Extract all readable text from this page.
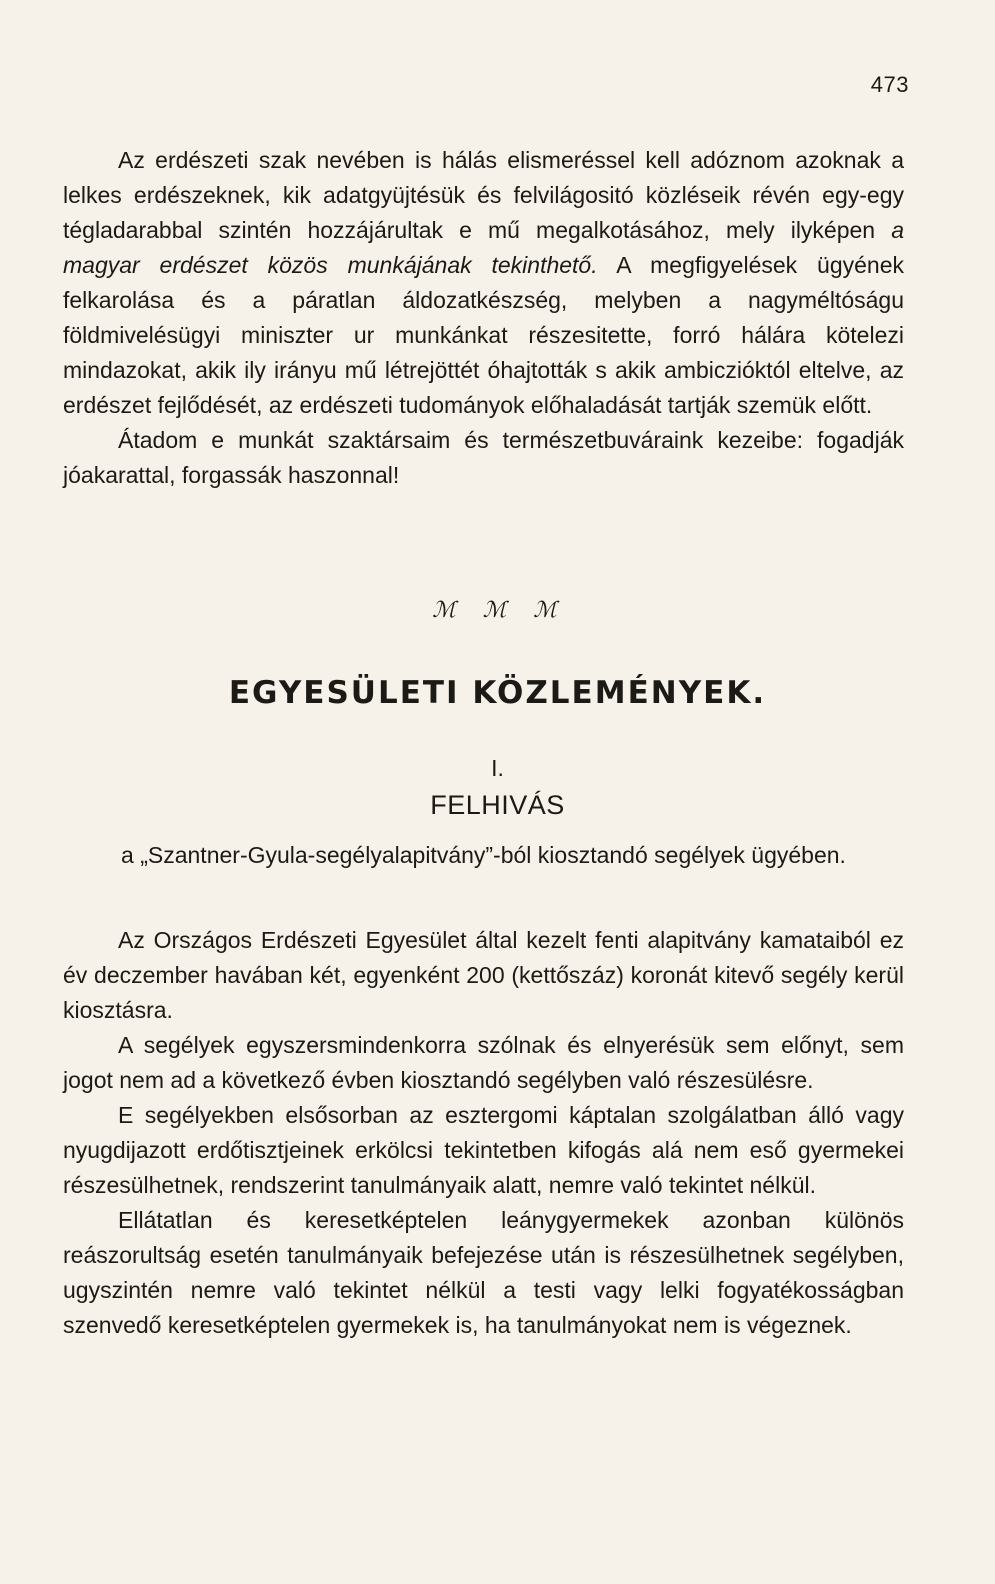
473

Az erdészeti szak nevében is hálás elismeréssel kell adóznom azoknak a lelkes erdészeknek, kik adatgyüjtésük és felvilágositó közléseik révén egy-egy tégladarabbal szintén hozzájárultak e mű megalkotásához, mely ilyképen a magyar erdészet közös munkájának tekinthető. A megfigyelések ügyének felkarolása és a páratlan áldozatkészség, melyben a nagyméltóságu földmivelésügyi miniszter ur munkánkat részesitette, forró hálára kötelezi mindazokat, akik ily irányu mű létrejöttét óhajtották s akik ambiczióktól eltelve, az erdészet fejlődését, az erdészeti tudományok előhaladását tartják szemük előtt.

Átadom e munkát szaktársaim és természetbuváraink kezeibe: fogadják jóakarattal, forgassák haszonnal!

ℳ ℳ ℳ
EGYESÜLETI KÖZLEMÉNYEK.
I.
FELHIVÁS
a „Szantner-Gyula-segélyalapitvány”-ból kiosztandó segélyek ügyében.

Az Országos Erdészeti Egyesület által kezelt fenti alapitvány kamataiból ez év deczember havában két, egyenként 200 (kettőszáz) koronát kitevő segély kerül kiosztásra.

A segélyek egyszersmindenkorra szólnak és elnyerésük sem előnyt, sem jogot nem ad a következő évben kiosztandó segélyben való részesülésre.

E segélyekben elsősorban az esztergomi káptalan szolgálatban álló vagy nyugdijazott erdőtisztjeinek erkölcsi tekintetben kifogás alá nem eső gyermekei részesülhetnek, rendszerint tanulmányaik alatt, nemre való tekintet nélkül.

Ellátatlan és keresetképtelen leánygyermekek azonban különös reászorultság esetén tanulmányaik befejezése után is részesülhetnek segélyben, ugyszintén nemre való tekintet nélkül a testi vagy lelki fogyatékosságban szenvedő keresetképtelen gyermekek is, ha tanulmányokat nem is végeznek.
